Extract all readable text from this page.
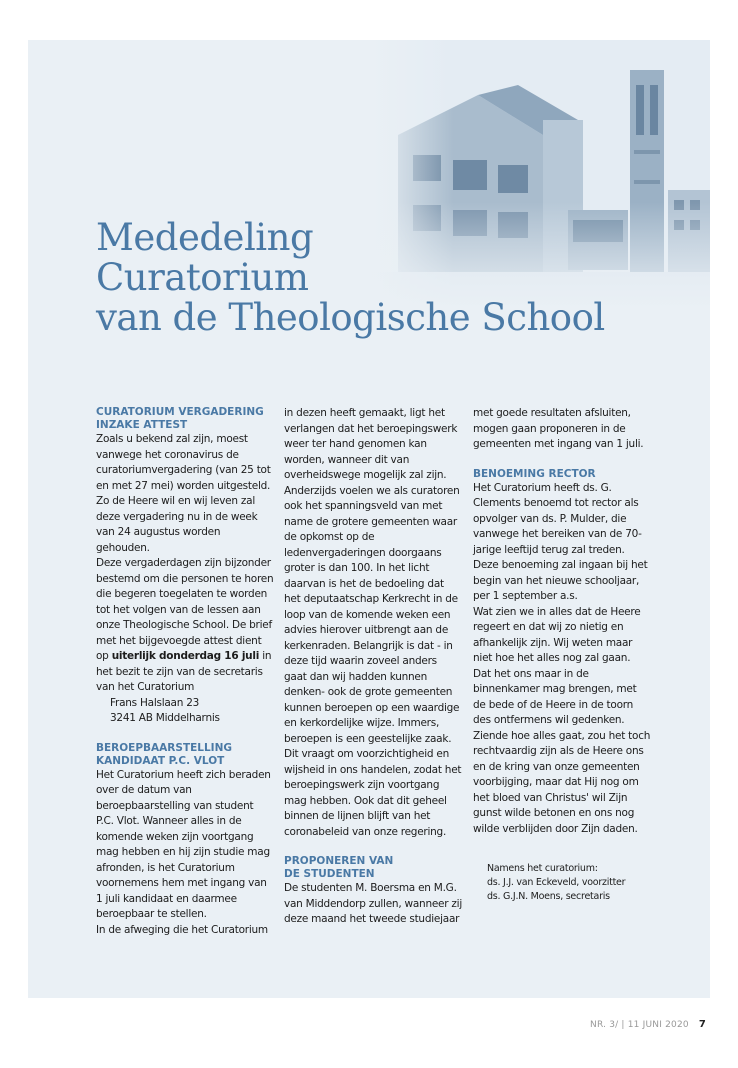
Mededeling
Curatorium
van de Theologische School
CURATORIUM VERGADERING
INZAKE ATTEST

Zoals u bekend zal zijn, moest vanwege het coronavirus de curatoriumvergadering (van 25 tot en met 27 mei) worden uitgesteld.

Zo de Heere wil en wij leven zal deze vergadering nu in de week van 24 augustus worden gehouden.

Deze vergaderdagen zijn bijzonder bestemd om die personen te horen die begeren toegelaten te worden tot het volgen van de lessen aan onze Theologische School. De brief met het bijgevoegde attest dient op uiterlijk donderdag 16 juli in het bezit te zijn van de secretaris van het Curatorium

Frans Halslaan 23

3241 AB Middelharnis

BEROEPBAARSTELLING
KANDIDAAT P.C. VLOT

Het Curatorium heeft zich beraden over de datum van beroepbaarstelling van student P.C. Vlot. Wanneer alles in de komende weken zijn voortgang mag hebben en hij zijn studie mag afronden, is het Curatorium voornemens hem met ingang van 1 juli kandidaat en daarmee beroepbaar te stellen.

In de afweging die het Curatorium

in dezen heeft gemaakt, ligt het verlangen dat het beroepingswerk weer ter hand genomen kan worden, wanneer dit van overheidswege mogelijk zal zijn. Anderzijds voelen we als curatoren ook het spanningsveld van met name de grotere gemeenten waar de opkomst op de ledenvergaderingen doorgaans groter is dan 100. In het licht daarvan is het de bedoeling dat het deputaatschap Kerkrecht in de loop van de komende weken een advies hierover uitbrengt aan de kerkenraden. Belangrijk is dat - in deze tijd waarin zoveel anders gaat dan wij hadden kunnen denken- ook de grote gemeenten kunnen beroepen op een waardige en kerkordelijke wijze. Immers, beroepen is een geestelijke zaak. Dit vraagt om voorzichtigheid en wijsheid in ons handelen, zodat het beroepingswerk zijn voortgang mag hebben. Ook dat dit geheel binnen de lijnen blijft van het coronabeleid van onze regering.

PROPONEREN VAN
DE STUDENTEN

De studenten M. Boersma en M.G. van Middendorp zullen, wanneer zij deze maand het tweede studiejaar

met goede resultaten afsluiten, mogen gaan proponeren in de gemeenten met ingang van 1 juli.

BENOEMING RECTOR

Het Curatorium heeft ds. G. Clements benoemd tot rector als opvolger van ds. P. Mulder, die vanwege het bereiken van de 70-jarige leeftijd terug zal treden. Deze benoeming zal ingaan bij het begin van het nieuwe schooljaar, per 1 september a.s.

Wat zien we in alles dat de Heere regeert en dat wij zo nietig en afhankelijk zijn. Wij weten maar niet hoe het alles nog zal gaan. Dat het ons maar in de binnenkamer mag brengen, met de bede of de Heere in de toorn des ontfermens wil gedenken. Ziende hoe alles gaat, zou het toch rechtvaardig zijn als de Heere ons en de kring van onze gemeenten voorbijging, maar dat Hij nog om het bloed van Christus' wil Zijn gunst wilde betonen en ons nog wilde verblijden door Zijn daden.

Namens het curatorium:

ds. J.J. van Eckeveld, voorzitter

ds. G.J.N. Moens, secretaris

NR. 3/ | 11 JUNI 2020 7
